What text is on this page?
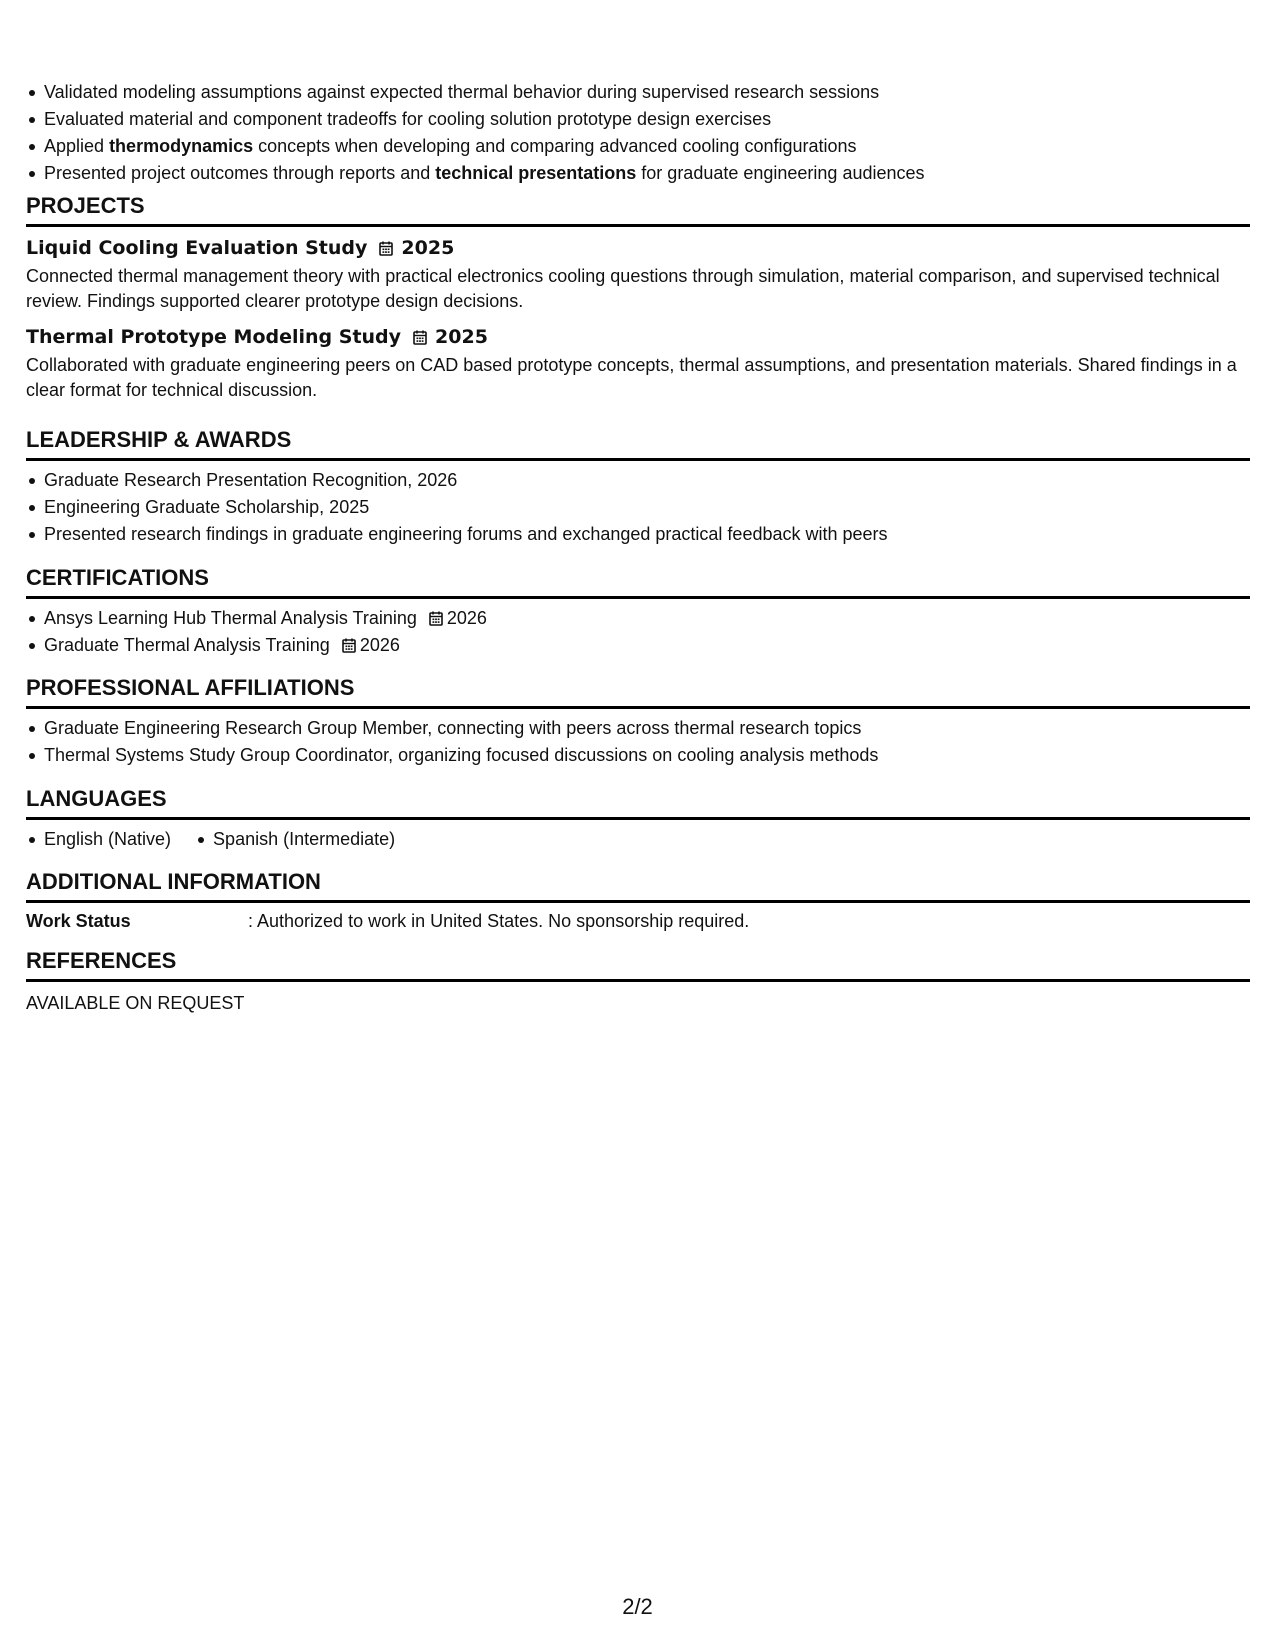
Validated modeling assumptions against expected thermal behavior during supervised research sessions
Evaluated material and component tradeoffs for cooling solution prototype design exercises
Applied thermodynamics concepts when developing and comparing advanced cooling configurations
Presented project outcomes through reports and technical presentations for graduate engineering audiences
PROJECTS
Liquid Cooling Evaluation Study 2025

Connected thermal management theory with practical electronics cooling questions through simulation, material comparison, and supervised technical review. Findings supported clearer prototype design decisions.

Thermal Prototype Modeling Study 2025

Collaborated with graduate engineering peers on CAD based prototype concepts, thermal assumptions, and presentation materials. Shared findings in a clear format for technical discussion.

LEADERSHIP & AWARDS
Graduate Research Presentation Recognition, 2026
Engineering Graduate Scholarship, 2025
Presented research findings in graduate engineering forums and exchanged practical feedback with peers
CERTIFICATIONS
Ansys Learning Hub Thermal Analysis Training 2026
Graduate Thermal Analysis Training 2026
PROFESSIONAL AFFILIATIONS
Graduate Engineering Research Group Member, connecting with peers across thermal research topics
Thermal Systems Study Group Coordinator, organizing focused discussions on cooling analysis methods
LANGUAGES
English (Native) Spanish (Intermediate)
ADDITIONAL INFORMATION
Work Status	: Authorized to work in United States. No sponsorship required.
REFERENCES
AVAILABLE ON REQUEST
2/2
